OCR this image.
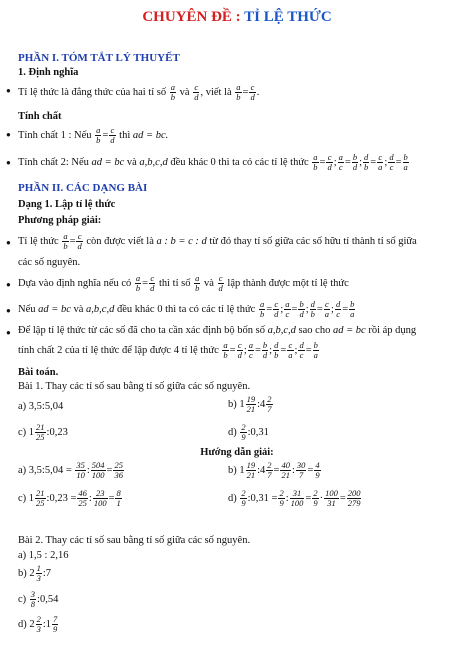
CHUYÊN ĐỀ : TỈ LỆ THỨC
PHẦN I. TÓM TẮT LÝ THUYẾT
1. Định nghĩa
● Tỉ lệ thức là đẳng thức của hai tỉ số $\frac{a}{b}$ và $\frac{c}{d}$ , viết là $\frac{a}{b} = \frac{c}{d}$ .
Tính chất
● Tính chất 1 : Nếu $\frac{a}{b} = \frac{c}{d}$ thì ad = bc.
● Tính chất 2: Nếu ad = bc và a,b,c,d đều khác 0 thì ta có các tỉ lệ thức $\frac{a}{b} = \frac{c}{d}$ ; $\frac{a}{c} = \frac{b}{d}$ ; $\frac{d}{b} = \frac{c}{a}$ ; $\frac{d}{c} = \frac{b}{a}$
PHẦN II. CÁC DẠNG BÀI
Dạng 1. Lập tỉ lệ thức
Phương pháp giải:
● Tỉ lệ thức $\frac{a}{b} = \frac{c}{d}$ còn được viết là a : b = c : d từ đó thay tỉ số giữa các số hữu tỉ thành tỉ số giữa
các số nguyên.
● Dựa vào định nghĩa nếu có $\frac{a}{b} = \frac{c}{d}$ thì tỉ số $\frac{a}{b}$ và $\frac{c}{d}$ lập thành được một tỉ lệ thức
● Nếu ad = bc và a,b,c,d đều khác 0 thì ta có các tỉ lệ thức $\frac{a}{b} = \frac{c}{d}$ ; $\frac{a}{c} = \frac{b}{d}$ ; $\frac{d}{b} = \frac{c}{a}$ ; $\frac{d}{c} = \frac{b}{a}$
● Để lập tỉ lệ thức từ các số đã cho ta cần xác định bộ bốn số a,b,c,d sao cho ad = bc rồi áp dụng
tính chất 2 của tỉ lệ thức để lập được 4 tỉ lệ thức $\frac{a}{b} = \frac{c}{d}$ ; $\frac{a}{c} = \frac{b}{d}$ ; $\frac{d}{b} = \frac{c}{a}$ ; $\frac{d}{c} = \frac{b}{a}$
Bài toán.
Bài 1. Thay các tỉ số sau bằng tỉ số giữa các số nguyên.
a) 3,5:5,04	b) $1 \frac{19}{21}$ :4 $\frac{2}{7}$
c) $1 \frac{21}{25}$ :0,23	$d) \frac{2}{9}$ :0,31
Hướng dẫn giải:
a) 3,5:5,04 = $\frac{35}{10}$ : $\frac{504}{100} = \frac{25}{36}$	b) $1 \frac{19}{21}$ :4 $\frac{2}{7} = \frac{40}{21}$ : $\frac{30}{7} = \frac{4}{9}$
c) $1 \frac{21}{25}$ :0,23 = $\frac{46}{25}$ : $\frac{23}{100} = \frac{8}{1}$	$d) \frac{2}{9}$ :0,31 = $\frac{2}{9}$ : $\frac{31}{100} = \frac{2}{9} \cdot \frac{100}{31} = \frac{200}{279}$
Bài 2. Thay các tỉ số sau bằng tỉ số giữa các số nguyên.
a) 1,5 : 2,16
b) $2 \frac{1}{3}$ :7
$c) \frac{3}{8}$ :0,54
d) $2 \frac{2}{3}$ :1 $\frac{7}{9}$
